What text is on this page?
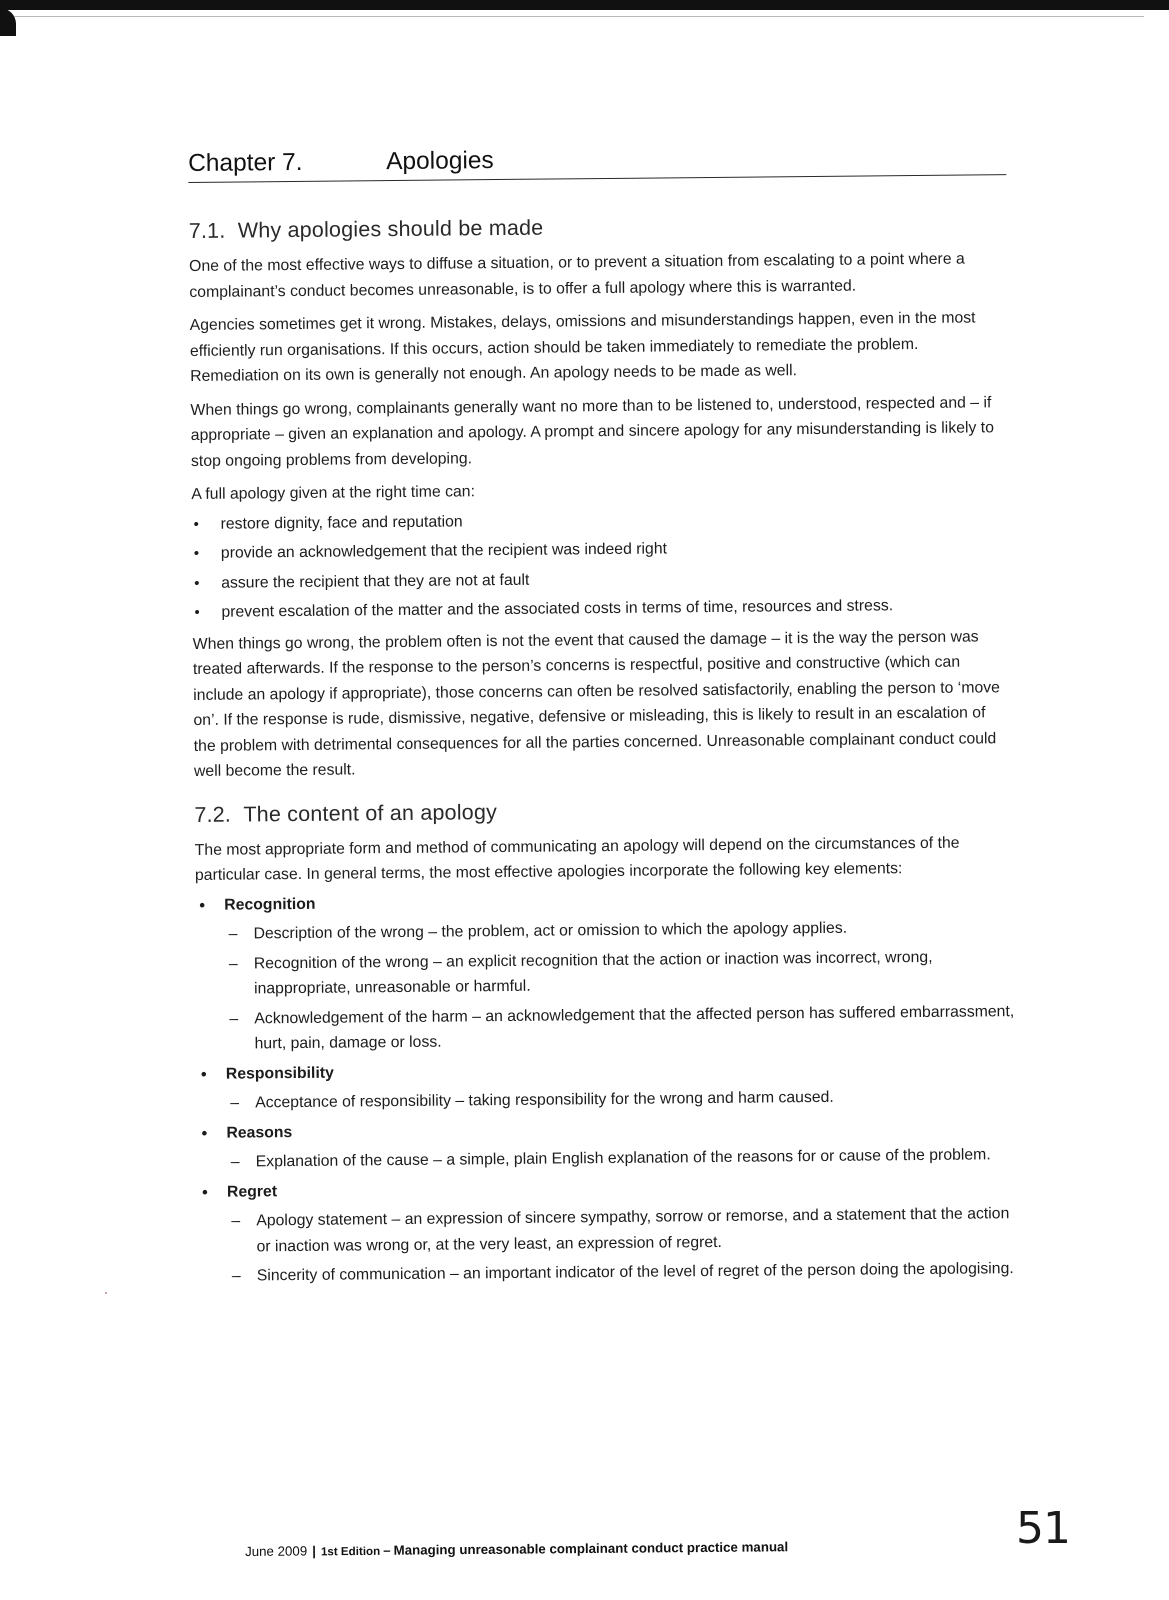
Chapter 7.	Apologies
7.1. Why apologies should be made

One of the most effective ways to diffuse a situation, or to prevent a situation from escalating to a point where a complainant’s conduct becomes unreasonable, is to offer a full apology where this is warranted.

Agencies sometimes get it wrong. Mistakes, delays, omissions and misunderstandings happen, even in the most efficiently run organisations. If this occurs, action should be taken immediately to remediate the problem. Remediation on its own is generally not enough. An apology needs to be made as well.

When things go wrong, complainants generally want no more than to be listened to, understood, respected and – if appropriate – given an explanation and apology. A prompt and sincere apology for any misunderstanding is likely to stop ongoing problems from developing.

A full apology given at the right time can:

• restore dignity, face and reputation
• provide an acknowledgement that the recipient was indeed right
• assure the recipient that they are not at fault
• prevent escalation of the matter and the associated costs in terms of time, resources and stress.

When things go wrong, the problem often is not the event that caused the damage – it is the way the person was treated afterwards. If the response to the person’s concerns is respectful, positive and constructive (which can include an apology if appropriate), those concerns can often be resolved satisfactorily, enabling the person to ‘move on’. If the response is rude, dismissive, negative, defensive or misleading, this is likely to result in an escalation of the problem with detrimental consequences for all the parties concerned. Unreasonable complainant conduct could well become the result.

7.2. The content of an apology

The most appropriate form and method of communicating an apology will depend on the circumstances of the particular case. In general terms, the most effective apologies incorporate the following key elements:

• Recognition
– Description of the wrong – the problem, act or omission to which the apology applies.
– Recognition of the wrong – an explicit recognition that the action or inaction was incorrect, wrong, inappropriate, unreasonable or harmful.
– Acknowledgement of the harm – an acknowledgement that the affected person has suffered embarrassment, hurt, pain, damage or loss.
• Responsibility
– Acceptance of responsibility – taking responsibility for the wrong and harm caused.
• Reasons
– Explanation of the cause – a simple, plain English explanation of the reasons for or cause of the problem.
• Regret
– Apology statement – an expression of sincere sympathy, sorrow or remorse, and a statement that the action or inaction was wrong or, at the very least, an expression of regret.
– Sincerity of communication – an important indicator of the level of regret of the person doing the apologising.
June 2009 | 1st Edition – Managing unreasonable complainant conduct practice manual	51
